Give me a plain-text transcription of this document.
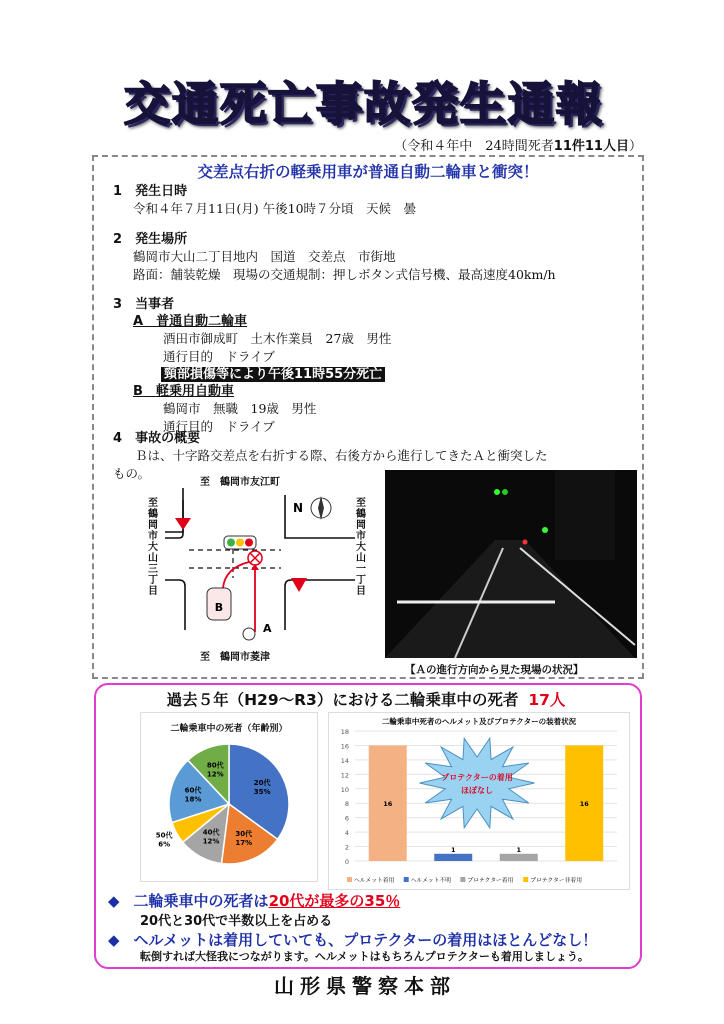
交通死亡事故発生通報
（令和４年中　24時間死者11件11人目）
交差点右折の軽乗用車が普通自動二輪車と衝突！
1　 発生日時
令和４年７月11日(月) 午後10時７分頃　天候　曇
2　 発生場所
鶴岡市大山二丁目地内　国道　交差点　市街地
路面：舗装乾燥　現場の交通規制：押しボタン式信号機、最高速度40km/h
3　 当事者
A　 普通自動二輪車
酒田市御成町　土木作業員　27歳　男性
通行目的　ドライブ
頸部損傷等により午後11時55分死亡
B　 軽乗用自動車
鶴岡市　無職　19歳　男性
通行目的　ドライブ
4　 事故の概要
Ｂは、十字路交差点を右折する際、右後方から進行してきたＡと衝突した
もの。
B
A
N
至　鶴岡市友江町
至　鶴岡市菱津
至鶴岡市大山三丁目
至鶴岡市大山一丁目
【Ａの進行方向から見た現場の状況】
過去５年（H29～R3）における二輪乗車中の死者 17人
二輪乗車中の死者（年齢別）
20代
35%
30代
17%
40代
12%
50代
6%
60代
18%
80代
12%
二輪乗車中死者のヘルメット及びプロテクターの装着状況
0
2
4
6
8
10
12
14
16
18
16
1	1
16
ヘルメット着用	ヘルメット不明	プロテクター着用	プロテクター非着用
プロテクターの着用
ほぼなし
◆ 二輪乗車中の死者は20代が最多の35％
20代と30代で半数以上を占める
◆ ヘルメットは着用していても、プロテクターの着用はほとんどなし！
転倒すれば大怪我につながります。ヘルメットはもちろんプロテクターも着用しましょう。
山形県警察本部
